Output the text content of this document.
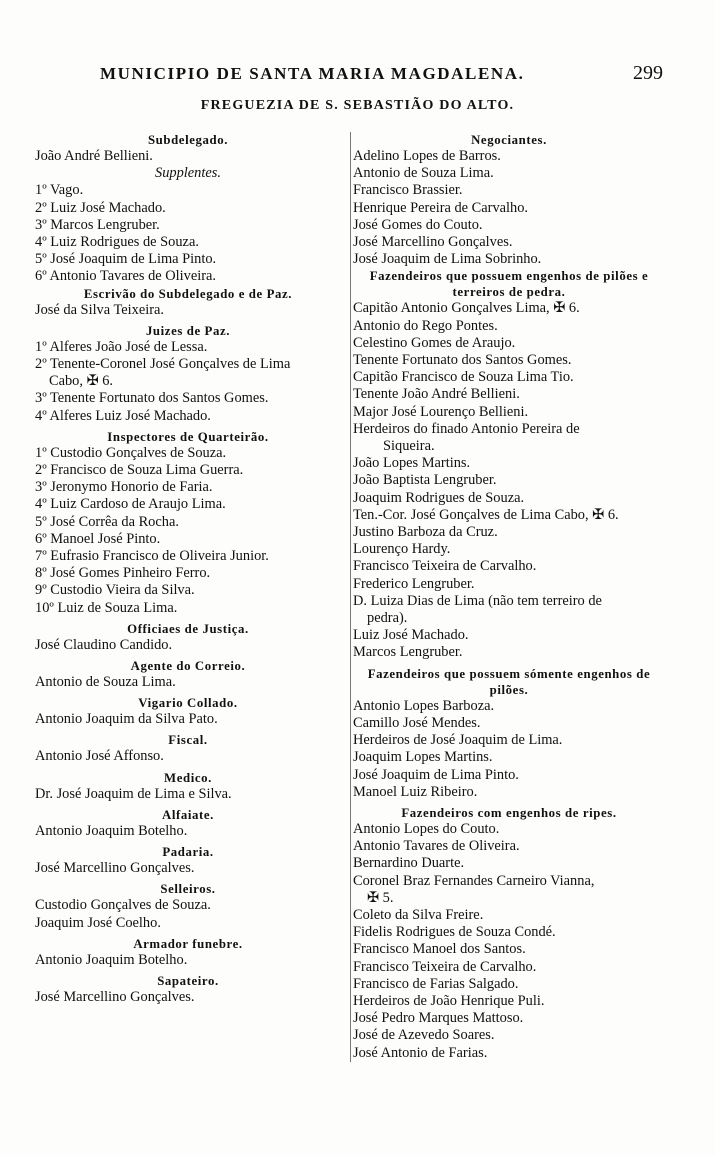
MUNICIPIO DE SANTA MARIA MAGDALENA.	299
FREGUEZIA DE S. SEBASTIÃO DO ALTO.
Subdelegado.
João André Bellieni.
Supplentes.
1º Vago.
2º Luiz José Machado.
3º Marcos Lengruber.
4º Luiz Rodrigues de Souza.
5º José Joaquim de Lima Pinto.
6º Antonio Tavares de Oliveira.
Escrivão do Subdelegado e de Paz.
José da Silva Teixeira.
Juizes de Paz.
1º Alferes João José de Lessa.
2º Tenente-Coronel José Gonçalves de Lima
Cabo, ✠ 6.
3º Tenente Fortunato dos Santos Gomes.
4º Alferes Luiz José Machado.
Inspectores de Quarteirão.
1º Custodio Gonçalves de Souza.
2º Francisco de Souza Lima Guerra.
3º Jeronymo Honorio de Faria.
4º Luiz Cardoso de Araujo Lima.
5º José Corrêa da Rocha.
6º Manoel José Pinto.
7º Eufrasio Francisco de Oliveira Junior.
8º José Gomes Pinheiro Ferro.
9º Custodio Vieira da Silva.
10º Luiz de Souza Lima.
Officiaes de Justiça.
José Claudino Candido.
Agente do Correio.
Antonio de Souza Lima.
Vigario Collado.
Antonio Joaquim da Silva Pato.
Fiscal.
Antonio José Affonso.
Medico.
Dr. José Joaquim de Lima e Silva.
Alfaiate.
Antonio Joaquim Botelho.
Padaria.
José Marcellino Gonçalves.
Selleiros.
Custodio Gonçalves de Souza.
Joaquim José Coelho.
Armador funebre.
Antonio Joaquim Botelho.
Sapateiro.
José Marcellino Gonçalves.
Negociantes.
Adelino Lopes de Barros.
Antonio de Souza Lima.
Francisco Brassier.
Henrique Pereira de Carvalho.
José Gomes do Couto.
José Marcellino Gonçalves.
José Joaquim de Lima Sobrinho.
Fazendeiros que possuem engenhos de pilões e terreiros de pedra.
Capitão Antonio Gonçalves Lima, ✠ 6.
Antonio do Rego Pontes.
Celestino Gomes de Araujo.
Tenente Fortunato dos Santos Gomes.
Capitão Francisco de Souza Lima Tio.
Tenente João André Bellieni.
Major José Lourenço Bellieni.
Herdeiros do finado Antonio Pereira de
Siqueira.
João Lopes Martins.
João Baptista Lengruber.
Joaquim Rodrigues de Souza.
Ten.-Cor. José Gonçalves de Lima Cabo, ✠ 6.
Justino Barboza da Cruz.
Lourenço Hardy.
Francisco Teixeira de Carvalho.
Frederico Lengruber.
D. Luiza Dias de Lima (não tem terreiro de
pedra).
Luiz José Machado.
Marcos Lengruber.
Fazendeiros que possuem sómente engenhos de pilões.
Antonio Lopes Barboza.
Camillo José Mendes.
Herdeiros de José Joaquim de Lima.
Joaquim Lopes Martins.
José Joaquim de Lima Pinto.
Manoel Luiz Ribeiro.
Fazendeiros com engenhos de ripes.
Antonio Lopes do Couto.
Antonio Tavares de Oliveira.
Bernardino Duarte.
Coronel Braz Fernandes Carneiro Vianna,
✠ 5.
Coleto da Silva Freire.
Fidelis Rodrigues de Souza Condé.
Francisco Manoel dos Santos.
Francisco Teixeira de Carvalho.
Francisco de Farias Salgado.
Herdeiros de João Henrique Puli.
José Pedro Marques Mattoso.
José de Azevedo Soares.
José Antonio de Farias.
